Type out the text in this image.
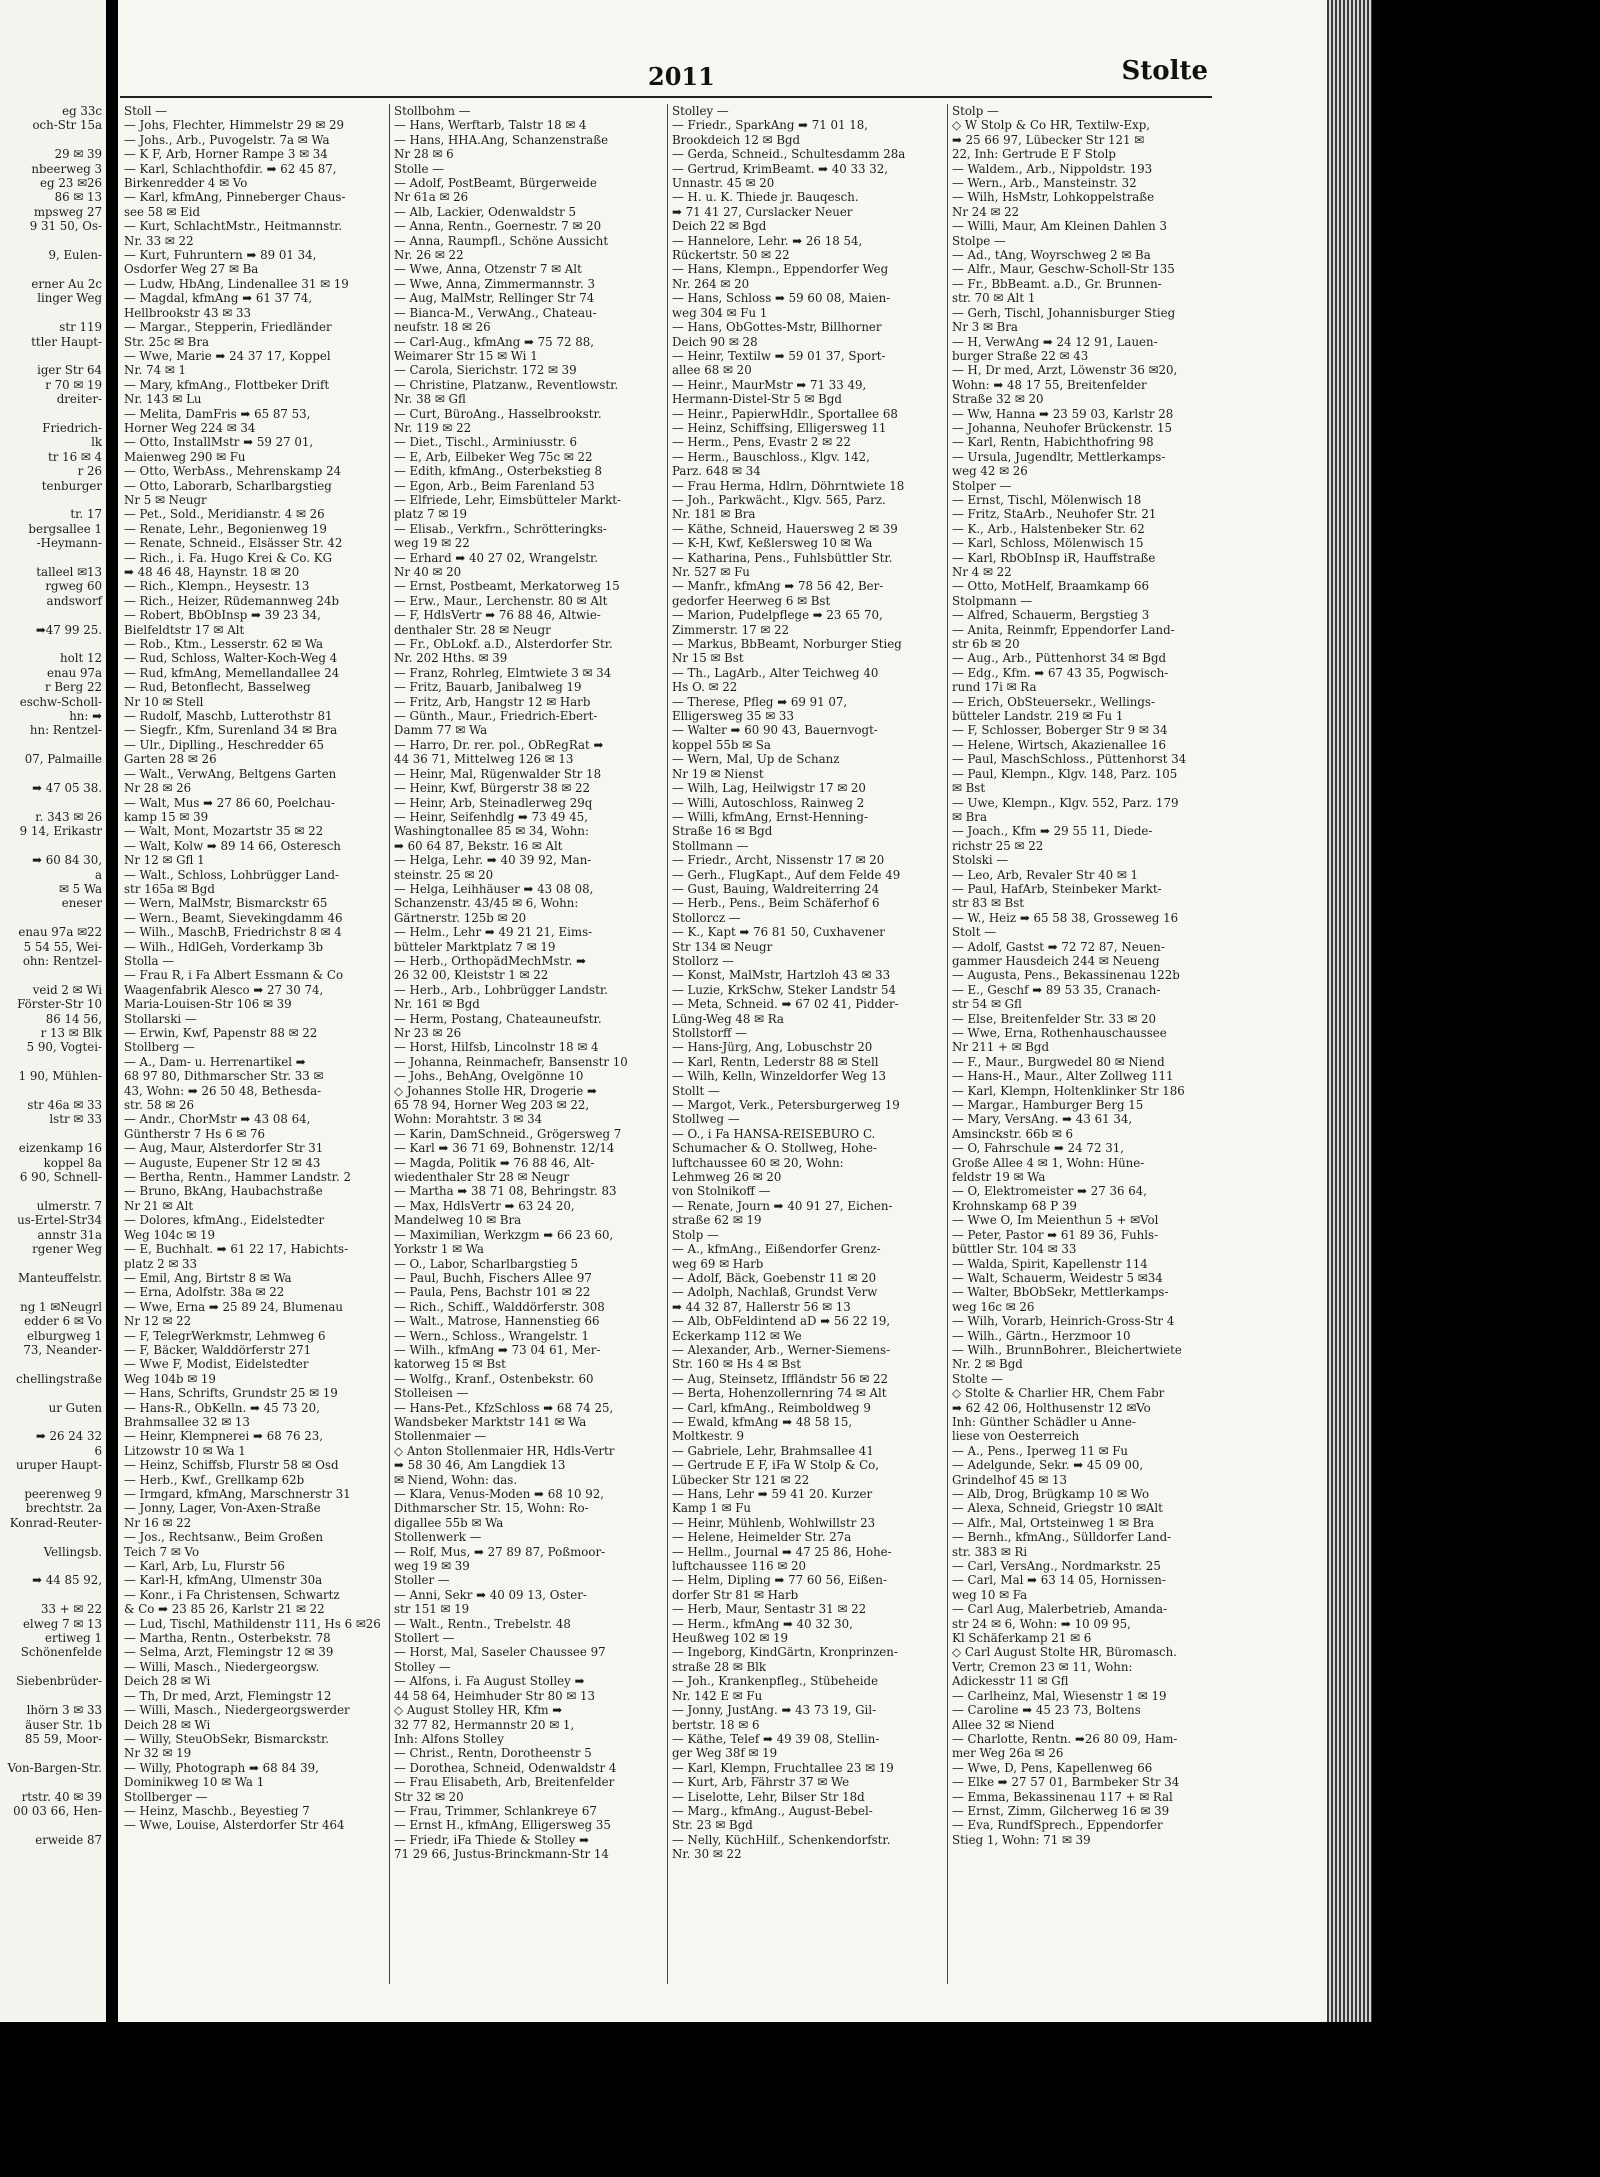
eg 33c
och-Str 15a

29 ✉ 39
nbeerweg 3
eg 23 ✉26
86 ✉ 13
mpsweg 27
9 31 50, Os-

9, Eulen-

erner Au 2c
linger Weg

str 119
ttler Haupt-

iger Str 64
r 70 ✉ 19
dreiter-

Friedrich-
lk
tr 16 ✉ 4
r 26
tenburger

tr. 17
bergsallee 1
-Heymann-

talleel ✉13
rgweg 60
andsworf

➡47 99 25.

holt 12
enau 97a
r Berg 22
eschw-Scholl-
hn: ➡
hn: Rentzel-

07, Palmaille

➡ 47 05 38.

r. 343 ✉ 26
9 14, Erikastr

➡ 60 84 30,
a
✉ 5 Wa
eneser

enau 97a ✉22
5 54 55, Wei-
ohn: Rentzel-

veid 2 ✉ Wi
Förster-Str 10
86 14 56,
r 13 ✉ Blk
5 90, Vogtei-

1 90, Mühlen-

str 46a ✉ 33
lstr ✉ 33

eizenkamp 16
koppel 8a
6 90, Schnell-

ulmerstr. 7
us-Ertel-Str34
annstr 31a
rgener Weg

Manteuffelstr.

ng 1 ✉Neugrl
edder 6 ✉ Vo
elburgweg 1
73, Neander-

chellingstraße

ur Guten

➡ 26 24 32
6
uruper Haupt-

peerenweg 9
brechtstr. 2a
Konrad-Reuter-

Vellingsb.

➡ 44 85 92,

33 + ✉ 22
elweg 7 ✉ 13
ertiweg 1
Schönenfelde

Siebenbrüder-

lhörn 3 ✉ 33
äuser Str. 1b
85 59, Moor-

Von-Bargen-Str.

rtstr. 40 ✉ 39
00 03 66, Hen-

erweide 87
2011	Stolte
Stoll —
— Johs, Flechter, Himmelstr 29 ✉ 29
— Johs., Arb., Puvogelstr. 7a ✉ Wa
— K F, Arb, Horner Rampe 3 ✉ 34
— Karl, Schlachthofdir. ➡ 62 45 87,
Birkenredder 4 ✉ Vo
— Karl, kfmAng, Pinneberger Chaus-
see 58 ✉ Eid
— Kurt, SchlachtMstr., Heitmannstr.
Nr. 33 ✉ 22
— Kurt, Fuhruntern ➡ 89 01 34,
Osdorfer Weg 27 ✉ Ba
— Ludw, HbAng, Lindenallee 31 ✉ 19
— Magdal, kfmAng ➡ 61 37 74,
Hellbrookstr 43 ✉ 33
— Margar., Stepperin, Friedländer
Str. 25c ✉ Bra
— Wwe, Marie ➡ 24 37 17, Koppel
Nr. 74 ✉ 1
— Mary, kfmAng., Flottbeker Drift
Nr. 143 ✉ Lu
— Melita, DamFris ➡ 65 87 53,
Horner Weg 224 ✉ 34
— Otto, InstallMstr ➡ 59 27 01,
Maienweg 290 ✉ Fu
— Otto, WerbAss., Mehrenskamp 24
— Otto, Laborarb, Scharlbargstieg
Nr 5 ✉ Neugr
— Pet., Sold., Meridianstr. 4 ✉ 26
— Renate, Lehr., Begonienweg 19
— Renate, Schneid., Elsässer Str. 42
— Rich., i. Fa. Hugo Krei & Co. KG
➡ 48 46 48, Haynstr. 18 ✉ 20
— Rich., Klempn., Heysestr. 13
— Rich., Heizer, Rüdemannweg 24b
— Robert, BbObInsp ➡ 39 23 34,
Bielfeldtstr 17 ✉ Alt
— Rob., Ktm., Lesserstr. 62 ✉ Wa
— Rud, Schloss, Walter-Koch-Weg 4
— Rud, kfmAng, Memellandallee 24
— Rud, Betonflecht, Basselweg
Nr 10 ✉ Stell
— Rudolf, Maschb, Lutterothstr 81
— Siegfr., Kfm, Surenland 34 ✉ Bra
— Ulr., Diplling., Heschredder 65
Garten 28 ✉ 26
— Walt., VerwAng, Beltgens Garten
Nr 28 ✉ 26
— Walt, Mus ➡ 27 86 60, Poelchau-
kamp 15 ✉ 39
— Walt, Mont, Mozartstr 35 ✉ 22
— Walt, Kolw ➡ 89 14 66, Osteresch
Nr 12 ✉ Gfl 1
— Walt., Schloss, Lohbrügger Land-
str 165a ✉ Bgd
— Wern, MalMstr, Bismarckstr 65
— Wern., Beamt, Sievekingdamm 46
— Wilh., MaschB, Friedrichstr 8 ✉ 4
— Wilh., HdlGeh, Vorderkamp 3b
Stolla —
— Frau R, i Fa Albert Essmann & Co
Waagenfabrik Alesco ➡ 27 30 74,
Maria-Louisen-Str 106 ✉ 39
Stollarski —
— Erwin, Kwf, Papenstr 88 ✉ 22
Stollberg —
— A., Dam- u. Herrenartikel ➡
68 97 80, Dithmarscher Str. 33 ✉
43, Wohn: ➡ 26 50 48, Bethesda-
str. 58 ✉ 26
— Andr., ChorMstr ➡ 43 08 64,
Güntherstr 7 Hs 6 ✉ 76
— Aug, Maur, Alsterdorfer Str 31
— Auguste, Eupener Str 12 ✉ 43
— Bertha, Rentn., Hammer Landstr. 2
— Bruno, BkAng, Haubachstraße
Nr 21 ✉ Alt
— Dolores, kfmAng., Eidelstedter
Weg 104c ✉ 19
— E, Buchhalt. ➡ 61 22 17, Habichts-
platz 2 ✉ 33
— Emil, Ang, Birtstr 8 ✉ Wa
— Erna, Adolfstr. 38a ✉ 22
— Wwe, Erna ➡ 25 89 24, Blumenau
Nr 12 ✉ 22
— F, TelegrWerkmstr, Lehmweg 6
— F, Bäcker, Walddörferstr 271
— Wwe F, Modist, Eidelstedter
Weg 104b ✉ 19
— Hans, Schrifts, Grundstr 25 ✉ 19
— Hans-R., ObKelln. ➡ 45 73 20,
Brahmsallee 32 ✉ 13
— Heinr, Klempnerei ➡ 68 76 23,
Litzowstr 10 ✉ Wa 1
— Heinz, Schiffsb, Flurstr 58 ✉ Osd
— Herb., Kwf., Grellkamp 62b
— Irmgard, kfmAng, Marschnerstr 31
— Jonny, Lager, Von-Axen-Straße
Nr 16 ✉ 22
— Jos., Rechtsanw., Beim Großen
Teich 7 ✉ Vo
— Karl, Arb, Lu, Flurstr 56
— Karl-H, kfmAng, Ulmenstr 30a
— Konr., i Fa Christensen, Schwartz
& Co ➡ 23 85 26, Karlstr 21 ✉ 22
— Lud, Tischl, Mathildenstr 111, Hs 6 ✉26
— Martha, Rentn., Osterbekstr. 78
— Selma, Arzt, Flemingstr 12 ✉ 39
— Willi, Masch., Niedergeorgsw.
Deich 28 ✉ Wi
— Th, Dr med, Arzt, Flemingstr 12
— Willi, Masch., Niedergeorgswerder
Deich 28 ✉ Wi
— Willy, SteuObSekr, Bismarckstr.
Nr 32 ✉ 19
— Willy, Photograph ➡ 68 84 39,
Dominikweg 10 ✉ Wa 1
Stollberger —
— Heinz, Maschb., Beyestieg 7
— Wwe, Louise, Alsterdorfer Str 464
Stollbohm —
— Hans, Werftarb, Talstr 18 ✉ 4
— Hans, HHA.Ang, Schanzenstraße
Nr 28 ✉ 6
Stolle —
— Adolf, PostBeamt, Bürgerweide
Nr 61a ✉ 26
— Alb, Lackier, Odenwaldstr 5
— Anna, Rentn., Goernestr. 7 ✉ 20
— Anna, Raumpfl., Schöne Aussicht
Nr. 26 ✉ 22
— Wwe, Anna, Otzenstr 7 ✉ Alt
— Wwe, Anna, Zimmermannstr. 3
— Aug, MalMstr, Rellinger Str 74
— Bianca-M., VerwAng., Chateau-
neufstr. 18 ✉ 26
— Carl-Aug., kfmAng ➡ 75 72 88,
Weimarer Str 15 ✉ Wi 1
— Carola, Sierichstr. 172 ✉ 39
— Christine, Platzanw., Reventlowstr.
Nr. 38 ✉ Gfl
— Curt, BüroAng., Hasselbrookstr.
Nr. 119 ✉ 22
— Diet., Tischl., Arminiusstr. 6
— E, Arb, Eilbeker Weg 75c ✉ 22
— Edith, kfmAng., Osterbekstieg 8
— Egon, Arb., Beim Farenland 53
— Elfriede, Lehr, Eimsbütteler Markt-
platz 7 ✉ 19
— Elisab., Verkfrn., Schrötteringks-
weg 19 ✉ 22
— Erhard ➡ 40 27 02, Wrangelstr.
Nr 40 ✉ 20
— Ernst, Postbeamt, Merkatorweg 15
— Erw., Maur., Lerchenstr. 80 ✉ Alt
— F, HdlsVertr ➡ 76 88 46, Altwie-
denthaler Str. 28 ✉ Neugr
— Fr., ObLokf. a.D., Alsterdorfer Str.
Nr. 202 Hths. ✉ 39
— Franz, Rohrleg, Elmtwiete 3 ✉ 34
— Fritz, Bauarb, Janibalweg 19
— Fritz, Arb, Hangstr 12 ✉ Harb
— Günth., Maur., Friedrich-Ebert-
Damm 77 ✉ Wa
— Harro, Dr. rer. pol., ObRegRat ➡
44 36 71, Mittelweg 126 ✉ 13
— Heinr, Mal, Rügenwalder Str 18
— Heinr, Kwf, Bürgerstr 38 ✉ 22
— Heinr, Arb, Steinadlerweg 29q
— Heinr, Seifenhdlg ➡ 73 49 45,
Washingtonallee 85 ✉ 34, Wohn:
➡ 60 64 87, Bekstr. 16 ✉ Alt
— Helga, Lehr. ➡ 40 39 92, Man-
steinstr. 25 ✉ 20
— Helga, Leihhäuser ➡ 43 08 08,
Schanzenstr. 43/45 ✉ 6, Wohn:
Gärtnerstr. 125b ✉ 20
— Helm., Lehr ➡ 49 21 21, Eims-
bütteler Marktplatz 7 ✉ 19
— Herb., OrthopädMechMstr. ➡
26 32 00, Kleiststr 1 ✉ 22
— Herb., Arb., Lohbrügger Landstr.
Nr. 161 ✉ Bgd
— Herm, Postang, Chateauneufstr.
Nr 23 ✉ 26
— Horst, Hilfsb, Lincolnstr 18 ✉ 4
— Johanna, Reinmachefr, Bansenstr 10
— Johs., BehAng, Ovelgönne 10
◇ Johannes Stolle HR, Drogerie ➡
65 78 94, Horner Weg 203 ✉ 22,
Wohn: Morahtstr. 3 ✉ 34
— Karin, DamSchneid., Grögersweg 7
— Karl ➡ 36 71 69, Bohnenstr. 12/14
— Magda, Politik ➡ 76 88 46, Alt-
wiedenthaler Str 28 ✉ Neugr
— Martha ➡ 38 71 08, Behringstr. 83
— Max, HdlsVertr ➡ 63 24 20,
Mandelweg 10 ✉ Bra
— Maximilian, Werkzgm ➡ 66 23 60,
Yorkstr 1 ✉ Wa
— O., Labor, Scharlbargstieg 5
— Paul, Buchh, Fischers Allee 97
— Paula, Pens, Bachstr 101 ✉ 22
— Rich., Schiff., Walddörferstr. 308
— Walt., Matrose, Hannenstieg 66
— Wern., Schloss., Wrangelstr. 1
— Wilh., kfmAng ➡ 73 04 61, Mer-
katorweg 15 ✉ Bst
— Wolfg., Kranf., Ostenbekstr. 60
Stolleisen —
— Hans-Pet., KfzSchloss ➡ 68 74 25,
Wandsbeker Marktstr 141 ✉ Wa
Stollenmaier —
◇ Anton Stollenmaier HR, Hdls-Vertr
➡ 58 30 46, Am Langdiek 13
✉ Niend, Wohn: das.
— Klara, Venus-Moden ➡ 68 10 92,
Dithmarscher Str. 15, Wohn: Ro-
digallee 55b ✉ Wa
Stollenwerk —
— Rolf, Mus, ➡ 27 89 87, Poßmoor-
weg 19 ✉ 39
Stoller —
— Anni, Sekr ➡ 40 09 13, Oster-
str 151 ✉ 19
— Walt., Rentn., Trebelstr. 48
Stollert —
— Horst, Mal, Saseler Chaussee 97
Stolley —
— Alfons, i. Fa August Stolley ➡
44 58 64, Heimhuder Str 80 ✉ 13
◇ August Stolley HR, Kfm ➡
32 77 82, Hermannstr 20 ✉ 1,
Inh: Alfons Stolley
— Christ., Rentn, Dorotheenstr 5
— Dorothea, Schneid, Odenwaldstr 4
— Frau Elisabeth, Arb, Breitenfelder
Str 32 ✉ 20
— Frau, Trimmer, Schlankreye 67
— Ernst H., kfmAng, Elligersweg 35
— Friedr, iFa Thiede & Stolley ➡
71 29 66, Justus-Brinckmann-Str 14
Stolley —
— Friedr., SparkAng ➡ 71 01 18,
Brookdeich 12 ✉ Bgd
— Gerda, Schneid., Schultesdamm 28a
— Gertrud, KrimBeamt. ➡ 40 33 32,
Unnastr. 45 ✉ 20
— H. u. K. Thiede jr. Bauqesch.
➡ 71 41 27, Curslacker Neuer
Deich 22 ✉ Bgd
— Hannelore, Lehr. ➡ 26 18 54,
Rückertstr. 50 ✉ 22
— Hans, Klempn., Eppendorfer Weg
Nr. 264 ✉ 20
— Hans, Schloss ➡ 59 60 08, Maien-
weg 304 ✉ Fu 1
— Hans, ObGottes-Mstr, Billhorner
Deich 90 ✉ 28
— Heinr, Textilw ➡ 59 01 37, Sport-
allee 68 ✉ 20
— Heinr., MaurMstr ➡ 71 33 49,
Hermann-Distel-Str 5 ✉ Bgd
— Heinr., PapierwHdlr., Sportallee 68
— Heinz, Schiffsing, Elligersweg 11
— Herm., Pens, Evastr 2 ✉ 22
— Herm., Bauschloss., Klgv. 142,
Parz. 648 ✉ 34
— Frau Herma, Hdlrn, Döhrntwiete 18
— Joh., Parkwächt., Klgv. 565, Parz.
Nr. 181 ✉ Bra
— Käthe, Schneid, Hauersweg 2 ✉ 39
— K-H, Kwf, Keßlersweg 10 ✉ Wa
— Katharina, Pens., Fuhlsbüttler Str.
Nr. 527 ✉ Fu
— Manfr., kfmAng ➡ 78 56 42, Ber-
gedorfer Heerweg 6 ✉ Bst
— Marion, Pudelpflege ➡ 23 65 70,
Zimmerstr. 17 ✉ 22
— Markus, BbBeamt, Norburger Stieg
Nr 15 ✉ Bst
— Th., LagArb., Alter Teichweg 40
Hs O. ✉ 22
— Therese, Pfleg ➡ 69 91 07,
Elligersweg 35 ✉ 33
— Walter ➡ 60 90 43, Bauernvogt-
koppel 55b ✉ Sa
— Wern, Mal, Up de Schanz
Nr 19 ✉ Nienst
— Wilh, Lag, Heilwigstr 17 ✉ 20
— Willi, Autoschloss, Rainweg 2
— Willi, kfmAng, Ernst-Henning-
Straße 16 ✉ Bgd
Stollmann —
— Friedr., Archt, Nissenstr 17 ✉ 20
— Gerh., FlugKapt., Auf dem Felde 49
— Gust, Bauing, Waldreiterring 24
— Herb., Pens., Beim Schäferhof 6
Stollorcz —
— K., Kapt ➡ 76 81 50, Cuxhavener
Str 134 ✉ Neugr
Stollorz —
— Konst, MalMstr, Hartzloh 43 ✉ 33
— Luzie, KrkSchw, Steker Landstr 54
— Meta, Schneid. ➡ 67 02 41, Pidder-
Lüng-Weg 48 ✉ Ra
Stollstorff —
— Hans-Jürg, Ang, Lobuschstr 20
— Karl, Rentn, Lederstr 88 ✉ Stell
— Wilh, Kelln, Winzeldorfer Weg 13
Stollt —
— Margot, Verk., Petersburgerweg 19
Stollweg —
— O., i Fa HANSA-REISEBURO C.
Schumacher & O. Stollweg, Hohe-
luftchaussee 60 ✉ 20, Wohn:
Lehmweg 26 ✉ 20
von Stolnikoff —
— Renate, Journ ➡ 40 91 27, Eichen-
straße 62 ✉ 19
Stolp —
— A., kfmAng., Eißendorfer Grenz-
weg 69 ✉ Harb
— Adolf, Bäck, Goebenstr 11 ✉ 20
— Adolph, Nachlaß, Grundst Verw
➡ 44 32 87, Hallerstr 56 ✉ 13
— Alb, ObFeldintend aD ➡ 56 22 19,
Eckerkamp 112 ✉ We
— Alexander, Arb., Werner-Siemens-
Str. 160 ✉ Hs 4 ✉ Bst
— Aug, Steinsetz, Iffländstr 56 ✉ 22
— Berta, Hohenzollernring 74 ✉ Alt
— Carl, kfmAng., Reimboldweg 9
— Ewald, kfmAng ➡ 48 58 15,
Moltkestr. 9
— Gabriele, Lehr, Brahmsallee 41
— Gertrude E F, iFa W Stolp & Co,
Lübecker Str 121 ✉ 22
— Hans, Lehr ➡ 59 41 20. Kurzer
Kamp 1 ✉ Fu
— Heinr, Mühlenb, Wohlwillstr 23
— Helene, Heimelder Str. 27a
— Hellm., Journal ➡ 47 25 86, Hohe-
luftchaussee 116 ✉ 20
— Helm, Dipling ➡ 77 60 56, Eißen-
dorfer Str 81 ✉ Harb
— Herb, Maur, Sentastr 31 ✉ 22
— Herm., kfmAng ➡ 40 32 30,
Heußweg 102 ✉ 19
— Ingeborg, KindGärtn, Kronprinzen-
straße 28 ✉ Blk
— Joh., Krankenpfleg., Stübeheide
Nr. 142 E ✉ Fu
— Jonny, JustAng. ➡ 43 73 19, Gil-
bertstr. 18 ✉ 6
— Käthe, Telef ➡ 49 39 08, Stellin-
ger Weg 38f ✉ 19
— Karl, Klempn, Fruchtallee 23 ✉ 19
— Kurt, Arb, Fährstr 37 ✉ We
— Liselotte, Lehr, Bilser Str 18d
— Marg., kfmAng., August-Bebel-
Str. 23 ✉ Bgd
— Nelly, KüchHilf., Schenkendorfstr.
Nr. 30 ✉ 22
Stolp —
◇ W Stolp & Co HR, Textilw-Exp,
➡ 25 66 97, Lübecker Str 121 ✉
22, Inh: Gertrude E F Stolp
— Waldem., Arb., Nippoldstr. 193
— Wern., Arb., Mansteinstr. 32
— Wilh, HsMstr, Lohkoppelstraße
Nr 24 ✉ 22
— Willi, Maur, Am Kleinen Dahlen 3
Stolpe —
— Ad., tAng, Woyrschweg 2 ✉ Ba
— Alfr., Maur, Geschw-Scholl-Str 135
— Fr., BbBeamt. a.D., Gr. Brunnen-
str. 70 ✉ Alt 1
— Gerh, Tischl, Johannisburger Stieg
Nr 3 ✉ Bra
— H, VerwAng ➡ 24 12 91, Lauen-
burger Straße 22 ✉ 43
— H, Dr med, Arzt, Löwenstr 36 ✉20,
Wohn: ➡ 48 17 55, Breitenfelder
Straße 32 ✉ 20
— Ww, Hanna ➡ 23 59 03, Karlstr 28
— Johanna, Neuhofer Brückenstr. 15
— Karl, Rentn, Habichthofring 98
— Ursula, Jugendltr, Mettlerkamps-
weg 42 ✉ 26
Stolper —
— Ernst, Tischl, Mölenwisch 18
— Fritz, StaArb., Neuhofer Str. 21
— K., Arb., Halstenbeker Str. 62
— Karl, Schloss, Mölenwisch 15
— Karl, RbObInsp iR, Hauffstraße
Nr 4 ✉ 22
— Otto, MotHelf, Braamkamp 66
Stolpmann —
— Alfred, Schauerm, Bergstieg 3
— Anita, Reinmfr, Eppendorfer Land-
str 6b ✉ 20
— Aug., Arb., Püttenhorst 34 ✉ Bgd
— Edg., Kfm. ➡ 67 43 35, Pogwisch-
rund 17i ✉ Ra
— Erich, ObSteuersekr., Wellings-
bütteler Landstr. 219 ✉ Fu 1
— F, Schlosser, Boberger Str 9 ✉ 34
— Helene, Wirtsch, Akazienallee 16
— Paul, MaschSchloss., Püttenhorst 34
— Paul, Klempn., Klgv. 148, Parz. 105
✉ Bst
— Uwe, Klempn., Klgv. 552, Parz. 179
✉ Bra
— Joach., Kfm ➡ 29 55 11, Diede-
richstr 25 ✉ 22
Stolski —
— Leo, Arb, Revaler Str 40 ✉ 1
— Paul, HafArb, Steinbeker Markt-
str 83 ✉ Bst
— W., Heiz ➡ 65 58 38, Grosseweg 16
Stolt —
— Adolf, Gastst ➡ 72 72 87, Neuen-
gammer Hausdeich 244 ✉ Neueng
— Augusta, Pens., Bekassinenau 122b
— E., Geschf ➡ 89 53 35, Cranach-
str 54 ✉ Gfl
— Else, Breitenfelder Str. 33 ✉ 20
— Wwe, Erna, Rothenhauschaussee
Nr 211 + ✉ Bgd
— F., Maur., Burgwedel 80 ✉ Niend
— Hans-H., Maur., Alter Zollweg 111
— Karl, Klempn, Holtenklinker Str 186
— Margar., Hamburger Berg 15
— Mary, VersAng. ➡ 43 61 34,
Amsinckstr. 66b ✉ 6
— O, Fahrschule ➡ 24 72 31,
Große Allee 4 ✉ 1, Wohn: Hüne-
feldstr 19 ✉ Wa
— O, Elektromeister ➡ 27 36 64,
Krohnskamp 68 P 39
— Wwe O, Im Meienthun 5 + ✉Vol
— Peter, Pastor ➡ 61 89 36, Fuhls-
büttler Str. 104 ✉ 33
— Walda, Spirit, Kapellenstr 114
— Walt, Schauerm, Weidestr 5 ✉34
— Walter, BbObSekr, Mettlerkamps-
weg 16c ✉ 26
— Wilh, Vorarb, Heinrich-Gross-Str 4
— Wilh., Gärtn., Herzmoor 10
— Wilh., BrunnBohrer., Bleichertwiete
Nr. 2 ✉ Bgd
Stolte —
◇ Stolte & Charlier HR, Chem Fabr
➡ 62 42 06, Holthusenstr 12 ✉Vo
Inh: Günther Schädler u Anne-
liese von Oesterreich
— A., Pens., Iperweg 11 ✉ Fu
— Adelgunde, Sekr. ➡ 45 09 00,
Grindelhof 45 ✉ 13
— Alb, Drog, Brügkamp 10 ✉ Wo
— Alexa, Schneid, Griegstr 10 ✉Alt
— Alfr., Mal, Ortsteinweg 1 ✉ Bra
— Bernh., kfmAng., Sülldorfer Land-
str. 383 ✉ Ri
— Carl, VersAng., Nordmarkstr. 25
— Carl, Mal ➡ 63 14 05, Hornissen-
weg 10 ✉ Fa
— Carl Aug, Malerbetrieb, Amanda-
str 24 ✉ 6, Wohn: ➡ 10 09 95,
Kl Schäferkamp 21 ✉ 6
◇ Carl August Stolte HR, Büromasch.
Vertr, Cremon 23 ✉ 11, Wohn:
Adickesstr 11 ✉ Gfl
— Carlheinz, Mal, Wiesenstr 1 ✉ 19
— Caroline ➡ 45 23 73, Boltens
Allee 32 ✉ Niend
— Charlotte, Rentn. ➡26 80 09, Ham-
mer Weg 26a ✉ 26
— Wwe, D, Pens, Kapellenweg 66
— Elke ➡ 27 57 01, Barmbeker Str 34
— Emma, Bekassinenau 117 + ✉ Ral
— Ernst, Zimm, Gilcherweg 16 ✉ 39
— Eva, RundfSprech., Eppendorfer
Stieg 1, Wohn: 71 ✉ 39
